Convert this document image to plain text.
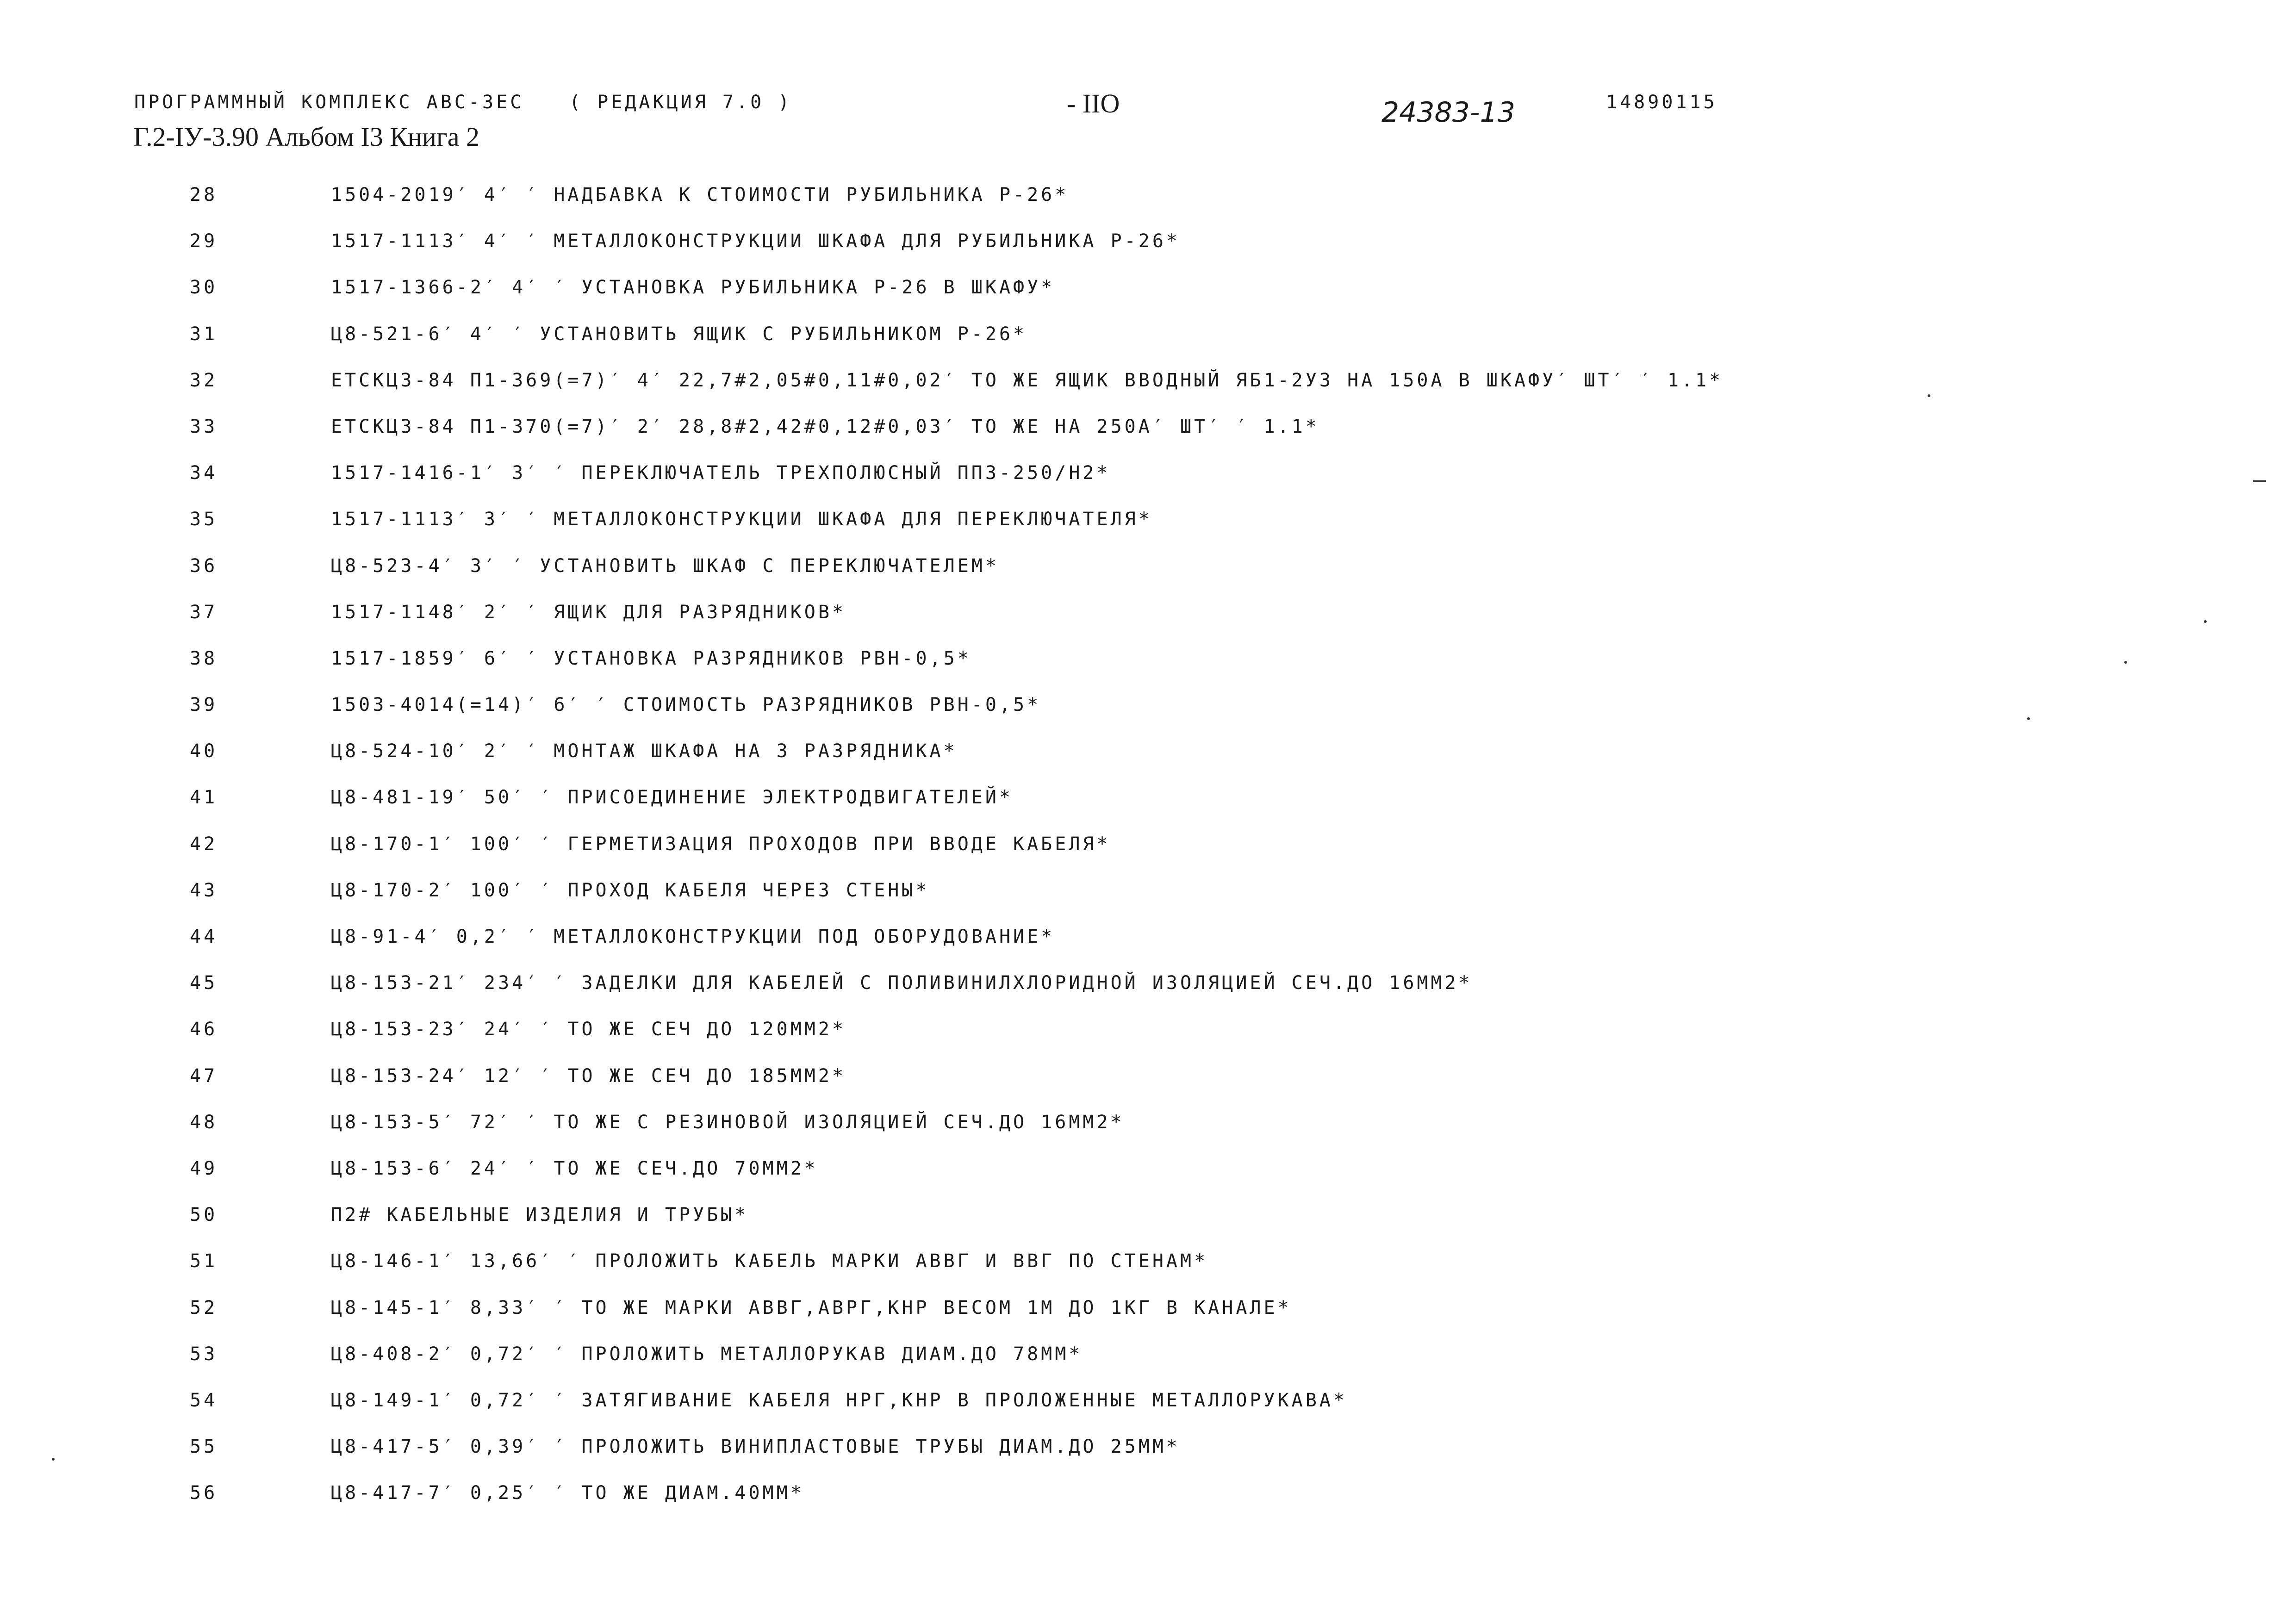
ПРОГРАММНЫЙ КОМПЛЕКС АВС-3ЕС ( РЕДАКЦИЯ 7.0 )	- IIO	24383-13	14890115
Г.2-IУ-3.90 Альбом I3 Книга 2
28	1504-2019′ 4′ ′ НАДБАВКА К СТОИМОСТИ РУБИЛЬНИКА Р-26*
29	1517-1113′ 4′ ′ МЕТАЛЛОКОНСТРУКЦИИ ШКАФА ДЛЯ РУБИЛЬНИКА Р-26*
30	1517-1366-2′ 4′ ′ УСТАНОВКА РУБИЛЬНИКА Р-26 В ШКАФУ*
31	Ц8-521-6′ 4′ ′ УСТАНОВИТЬ ЯЩИК С РУБИЛЬНИКОМ Р-26*
32	ЕТСКЦЗ-84 П1-369(=7)′ 4′ 22,7#2,05#0,11#0,02′ ТО ЖЕ ЯЩИК ВВОДНЫЙ ЯБ1-2УЗ НА 150А В ШКАФУ′ ШТ′ ′ 1.1*
33	ЕТСКЦЗ-84 П1-370(=7)′ 2′ 28,8#2,42#0,12#0,03′ ТО ЖЕ НА 250А′ ШТ′ ′ 1.1*
34	1517-1416-1′ 3′ ′ ПЕРЕКЛЮЧАТЕЛЬ ТРЕХПОЛЮСНЫЙ ПП3-250/Н2*
35	1517-1113′ 3′ ′ МЕТАЛЛОКОНСТРУКЦИИ ШКАФА ДЛЯ ПЕРЕКЛЮЧАТЕЛЯ*
36	Ц8-523-4′ 3′ ′ УСТАНОВИТЬ ШКАФ С ПЕРЕКЛЮЧАТЕЛЕМ*
37	1517-1148′ 2′ ′ ЯЩИК ДЛЯ РАЗРЯДНИКОВ*
38	1517-1859′ 6′ ′ УСТАНОВКА РАЗРЯДНИКОВ РВН-0,5*
39	1503-4014(=14)′ 6′ ′ СТОИМОСТЬ РАЗРЯДНИКОВ РВН-0,5*
40	Ц8-524-10′ 2′ ′ МОНТАЖ ШКАФА НА 3 РАЗРЯДНИКА*
41	Ц8-481-19′ 50′ ′ ПРИСОЕДИНЕНИЕ ЭЛЕКТРОДВИГАТЕЛЕЙ*
42	Ц8-170-1′ 100′ ′ ГЕРМЕТИЗАЦИЯ ПРОХОДОВ ПРИ ВВОДЕ КАБЕЛЯ*
43	Ц8-170-2′ 100′ ′ ПРОХОД КАБЕЛЯ ЧЕРЕЗ СТЕНЫ*
44	Ц8-91-4′ 0,2′ ′ МЕТАЛЛОКОНСТРУКЦИИ ПОД ОБОРУДОВАНИЕ*
45	Ц8-153-21′ 234′ ′ ЗАДЕЛКИ ДЛЯ КАБЕЛЕЙ С ПОЛИВИНИЛХЛОРИДНОЙ ИЗОЛЯЦИЕЙ СЕЧ.ДО 16ММ2*
46	Ц8-153-23′ 24′ ′ ТО ЖЕ СЕЧ ДО 120ММ2*
47	Ц8-153-24′ 12′ ′ ТО ЖЕ СЕЧ ДО 185ММ2*
48	Ц8-153-5′ 72′ ′ ТО ЖЕ С РЕЗИНОВОЙ ИЗОЛЯЦИЕЙ СЕЧ.ДО 16ММ2*
49	Ц8-153-6′ 24′ ′ ТО ЖЕ СЕЧ.ДО 70ММ2*
50	П2# КАБЕЛЬНЫЕ ИЗДЕЛИЯ И ТРУБЫ*
51	Ц8-146-1′ 13,66′ ′ ПРОЛОЖИТЬ КАБЕЛЬ МАРКИ АВВГ И ВВГ ПО СТЕНАМ*
52	Ц8-145-1′ 8,33′ ′ ТО ЖЕ МАРКИ АВВГ,АВРГ,КНР ВЕСОМ 1М ДО 1КГ В КАНАЛЕ*
53	Ц8-408-2′ 0,72′ ′ ПРОЛОЖИТЬ МЕТАЛЛОРУКАВ ДИАМ.ДО 78ММ*
54	Ц8-149-1′ 0,72′ ′ ЗАТЯГИВАНИЕ КАБЕЛЯ НРГ,КНР В ПРОЛОЖЕННЫЕ МЕТАЛЛОРУКАВА*
55	Ц8-417-5′ 0,39′ ′ ПРОЛОЖИТЬ ВИНИПЛАСТОВЫЕ ТРУБЫ ДИАМ.ДО 25ММ*
56	Ц8-417-7′ 0,25′ ′ ТО ЖЕ ДИАМ.40ММ*
